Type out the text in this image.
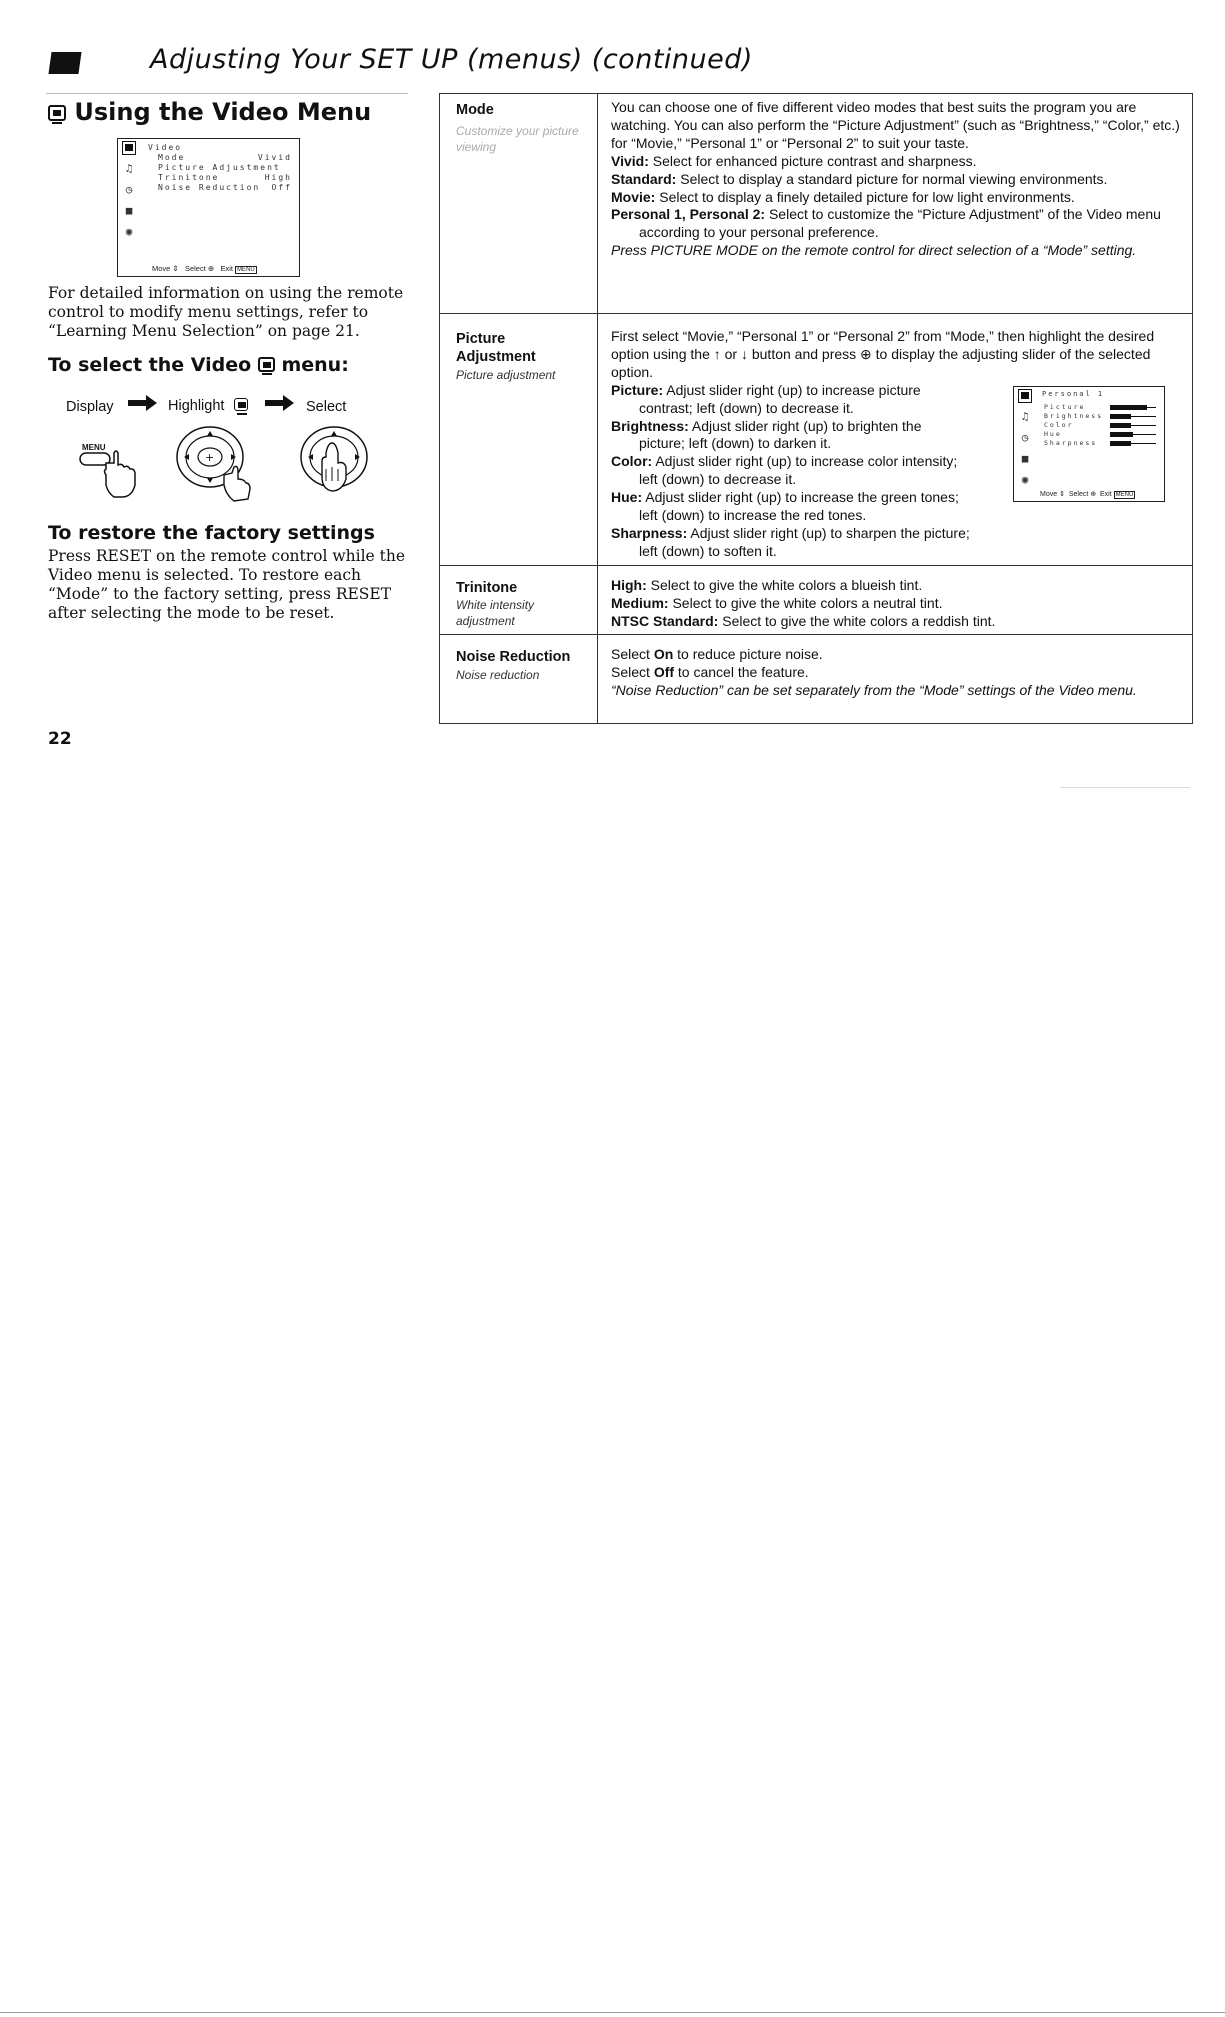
Adjusting Your SET UP (menus) (continued)
Using the Video Menu
♫
◷
■
◉
Video
Mode	Vivid
Picture Adjustment
Trinitone	High
Noise Reduction Off
Move ⇕   Select ⊕   Exit MENU
For detailed information on using the remote control to modify menu settings, refer to “Learning Menu Selection” on page 21.
To select the Video menu:
Display	Highlight	Select
MENU
+
To restore the factory settings
Press RESET on the remote control while the Video menu is selected. To restore each “Mode” to the factory setting, press RESET after selecting the mode to be reset.
22
Mode
Customize your picture viewing

You can choose one of five different video modes that best suits the program you are watching. You can also perform the “Picture Adjustment” (such as “Brightness,” “Color,” etc.) for “Movie,” “Personal 1” or “Personal 2” to suit your taste.

Vivid: Select for enhanced picture contrast and sharpness.

Standard: Select to display a standard picture for normal viewing environments.

Movie: Select to display a finely detailed picture for low light environments.

Personal 1, Personal 2: Select to customize the “Picture Adjustment” of the Video menu according to your personal preference.

Press PICTURE MODE on the remote control for direct selection of a “Mode” setting.

Picture
Adjustment
Picture adjustment

First select “Movie,” “Personal 1” or “Personal 2” from “Mode,” then highlight the desired option using the ↑ or ↓ button and press ⊕ to display the adjusting slider of the selected option.

Picture: Adjust slider right (up) to increase picture contrast; left (down) to decrease it.

Brightness: Adjust slider right (up) to brighten the picture; left (down) to darken it.

Color: Adjust slider right (up) to increase color intensity; left (down) to decrease it.

Hue: Adjust slider right (up) to increase the green tones; left (down) to increase the red tones.

Sharpness: Adjust slider right (up) to sharpen the picture; left (down) to soften it.

♫
◷
■
◉
Personal 1
Picture
Brightness
Color
Hue
Sharpness
Move ⇕  Select ⊕  Exit MENU
Trinitone
White intensity
adjustment

High: Select to give the white colors a blueish tint.

Medium: Select to give the white colors a neutral tint.

NTSC Standard: Select to give the white colors a reddish tint.

Noise Reduction
Noise reduction

Select On to reduce picture noise.

Select Off to cancel the feature.

“Noise Reduction” can be set separately from the “Mode” settings of the Video menu.
